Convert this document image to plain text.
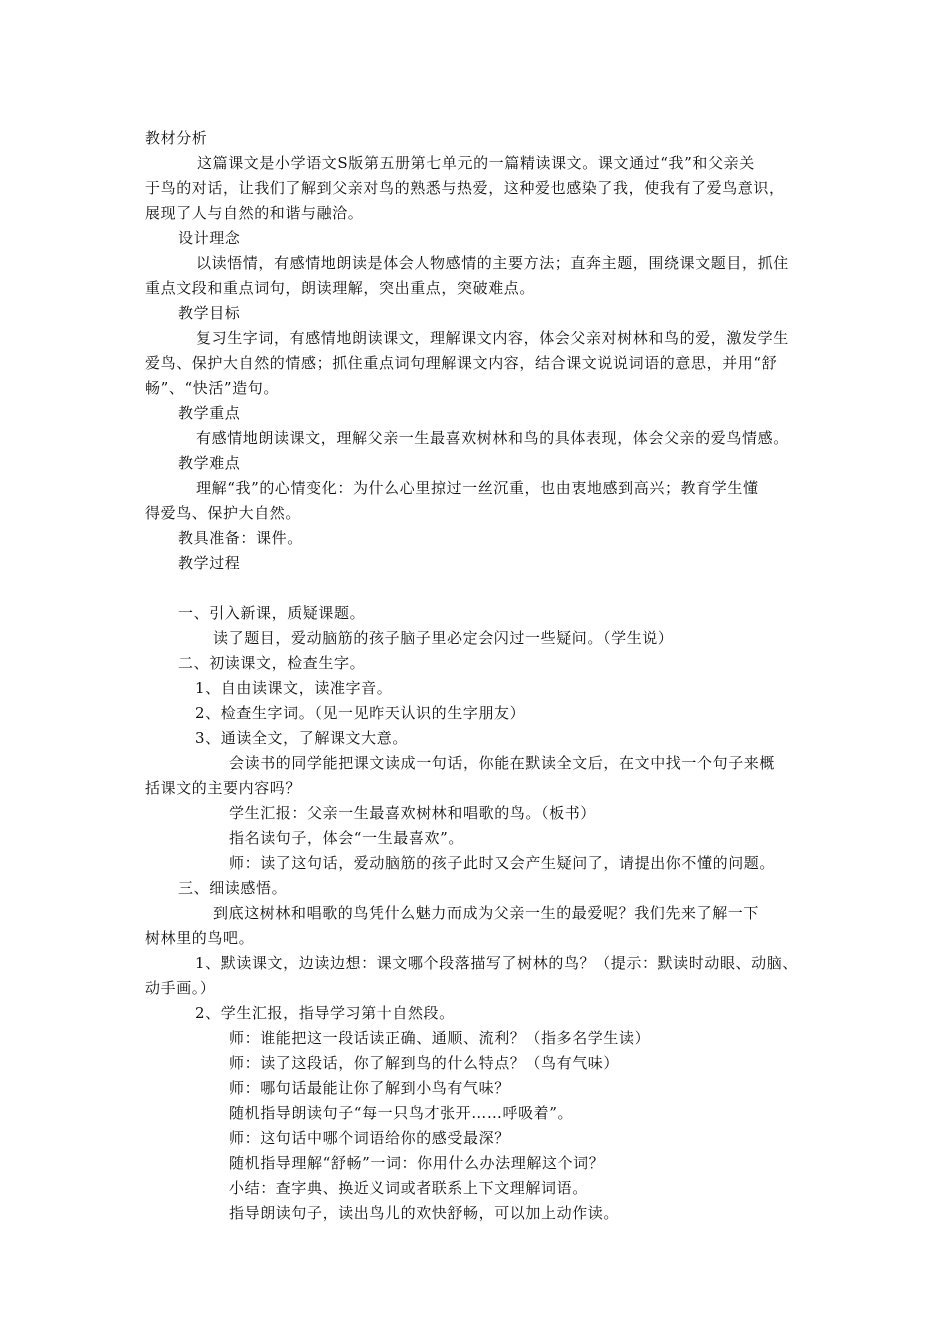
教材分析
这篇课文是小学语文S版第五册第七单元的一篇精读课文。课文通过“我”和父亲关
于鸟的对话，让我们了解到父亲对鸟的熟悉与热爱，这种爱也感染了我，使我有了爱鸟意识，
展现了人与自然的和谐与融洽。
设计理念
以读悟情，有感情地朗读是体会人物感情的主要方法；直奔主题，围绕课文题目，抓住
重点文段和重点词句，朗读理解，突出重点，突破难点。
教学目标
复习生字词，有感情地朗读课文，理解课文内容，体会父亲对树林和鸟的爱，激发学生
爱鸟、保护大自然的情感；抓住重点词句理解课文内容，结合课文说说词语的意思，并用“舒
畅”、“快活”造句。
教学重点
有感情地朗读课文，理解父亲一生最喜欢树林和鸟的具体表现，体会父亲的爱鸟情感。
教学难点
理解“我”的心情变化：为什么心里掠过一丝沉重，也由衷地感到高兴；教育学生懂
得爱鸟、保护大自然。
教具准备：课件。
教学过程
一、引入新课，质疑课题。
读了题目，爱动脑筋的孩子脑子里必定会闪过一些疑问。（学生说）
二、初读课文，检查生字。
1、自由读课文，读准字音。
2、检查生字词。（见一见昨天认识的生字朋友）
3、通读全文，了解课文大意。
会读书的同学能把课文读成一句话，你能在默读全文后，在文中找一个句子来概
括课文的主要内容吗？
学生汇报：父亲一生最喜欢树林和唱歌的鸟。（板书）
指名读句子，体会“一生最喜欢”。
师：读了这句话，爱动脑筋的孩子此时又会产生疑问了，请提出你不懂的问题。
三、细读感悟。
到底这树林和唱歌的鸟凭什么魅力而成为父亲一生的最爱呢？我们先来了解一下
树林里的鸟吧。
1、默读课文，边读边想：课文哪个段落描写了树林的鸟？（提示：默读时动眼、动脑、
动手画。）
2、学生汇报，指导学习第十自然段。
师：谁能把这一段话读正确、通顺、流利？（指多名学生读）
师：读了这段话，你了解到鸟的什么特点？（鸟有气味）
师：哪句话最能让你了解到小鸟有气味？
随机指导朗读句子“每一只鸟才张开……呼吸着”。
师：这句话中哪个词语给你的感受最深？
随机指导理解“舒畅”一词：你用什么办法理解这个词？
小结：查字典、换近义词或者联系上下文理解词语。
指导朗读句子，读出鸟儿的欢快舒畅，可以加上动作读。
